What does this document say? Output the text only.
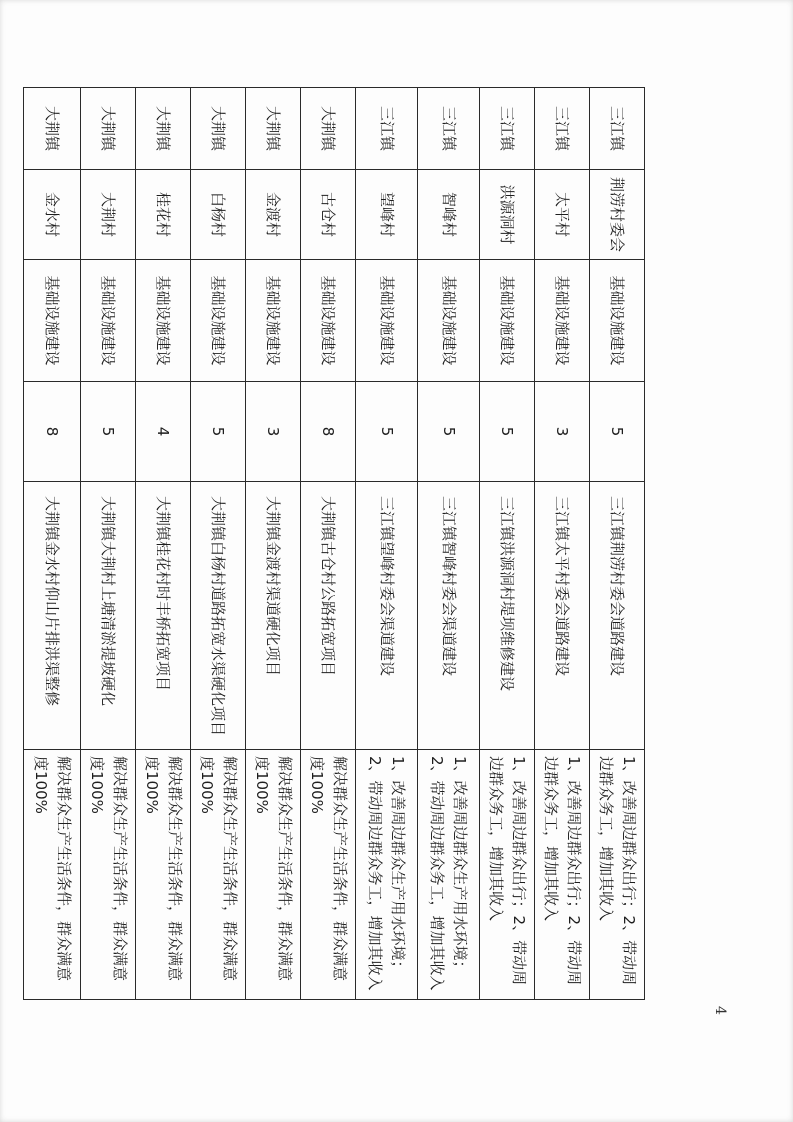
三江镇	荆涝村委会	基础设施建设	5	三江镇荆涝村委会道路建设	1、改善周边群众出行；2、带动周边群众务工，增加其收入
三江镇	太平村	基础设施建设	3	三江镇太平村委会道路建设	1、改善周边群众出行；2、带动周边群众务工，增加其收入
三江镇	洪源洞村	基础设施建设	5	三江镇洪源洞村堤坝维修建设	1、改善周边群众出行；2、带动周边群众务工，增加其收入
三江镇	智峰村	基础设施建设	5	三江镇智峰村委会渠道建设	1、改善周边群众生产用水环境；2、带动周边群众务工，增加其收入
三江镇	望峰村	基础设施建设	5	三江镇望峰村委会渠道建设	1、改善周边群众生产用水环境；2、带动周边群众务工，增加其收入
大荆镇	古仓村	基础设施建设	8	大荆镇古仓村公路拓宽项目	解决群众生产生活条件，群众满意度100%
大荆镇	金渡村	基础设施建设	3	大荆镇金渡村渠道硬化项目	解决群众生产生活条件，群众满意度100%
大荆镇	白杨村	基础设施建设	5	大荆镇白杨村道路拓宽水渠硬化项目	解决群众生产生活条件，群众满意度100%
大荆镇	桂花村	基础设施建设	4	大荆镇桂花村时丰桥拓宽项目	解决群众生产生活条件，群众满意度100%
大荆镇	大荆村	基础设施建设	5	大荆镇大荆村上塘清淤提坡硬化	解决群众生产生活条件，群众满意度100%
大荆镇	金水村	基础设施建设	8	大荆镇金水村仰山片排洪渠整修	解决群众生产生活条件，群众满意度100%
4
